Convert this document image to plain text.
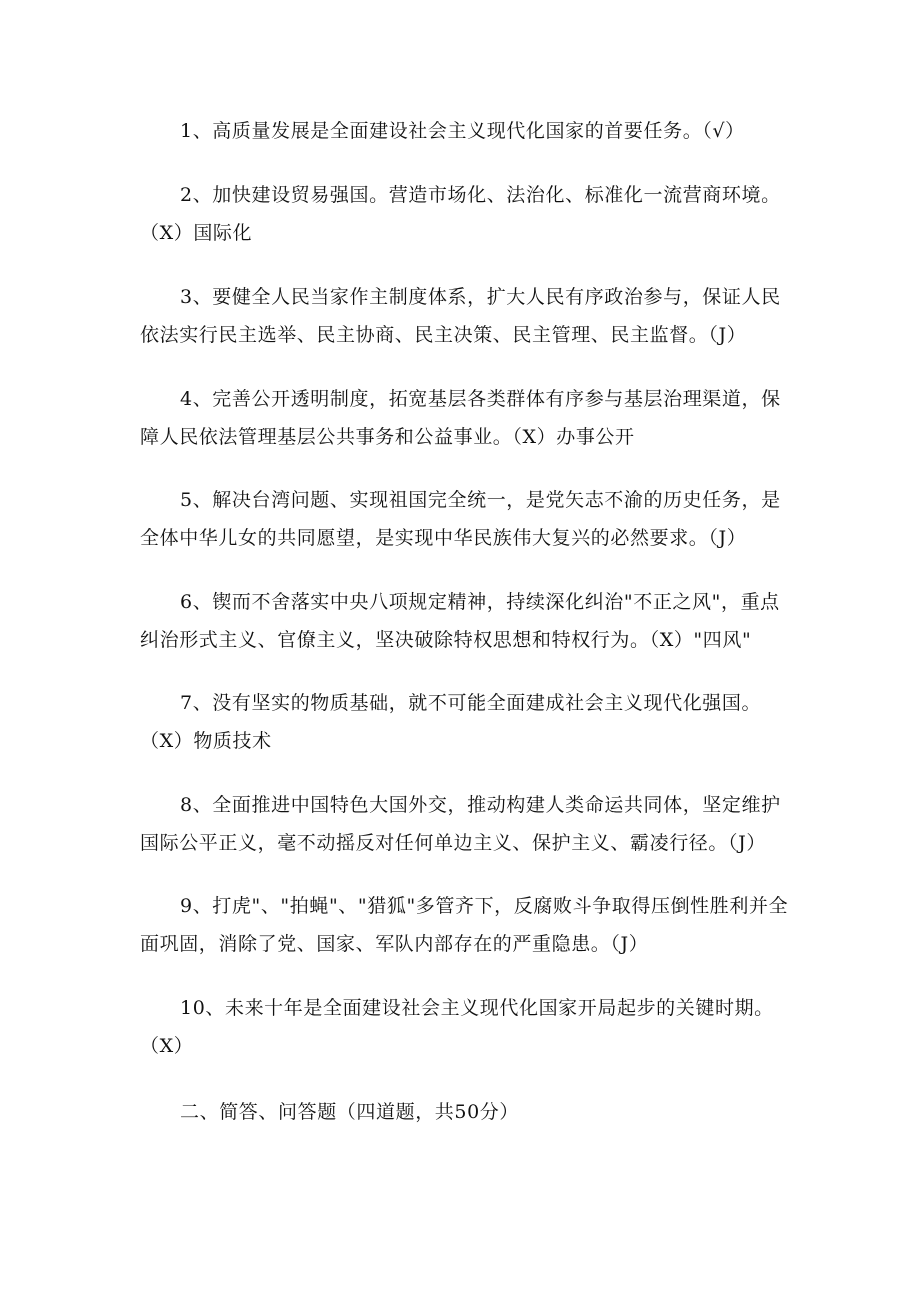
1、高质量发展是全面建设社会主义现代化国家的首要任务。（√）

2、加快建设贸易强国。营造市场化、法治化、标准化一流营商环境。（X）国际化

3、要健全人民当家作主制度体系，扩大人民有序政治参与，保证人民依法实行民主选举、民主协商、民主决策、民主管理、民主监督。（J）

4、完善公开透明制度，拓宽基层各类群体有序参与基层治理渠道，保障人民依法管理基层公共事务和公益事业。（X）办事公开

5、解决台湾问题、实现祖国完全统一，是党矢志不渝的历史任务，是全体中华儿女的共同愿望，是实现中华民族伟大复兴的必然要求。（J）

6、锲而不舍落实中央八项规定精神，持续深化纠治"不正之风"，重点纠治形式主义、官僚主义，坚决破除特权思想和特权行为。（X）"四风"

7、没有坚实的物质基础，就不可能全面建成社会主义现代化强国。（X）物质技术

8、全面推进中国特色大国外交，推动构建人类命运共同体，坚定维护国际公平正义，毫不动摇反对任何单边主义、保护主义、霸凌行径。（J）

9、打虎"、"拍蝇"、"猎狐"多管齐下，反腐败斗争取得压倒性胜利并全面巩固，消除了党、国家、军队内部存在的严重隐患。（J）

10、未来十年是全面建设社会主义现代化国家开局起步的关键时期。（X）

二、简答、问答题（四道题，共50分）
